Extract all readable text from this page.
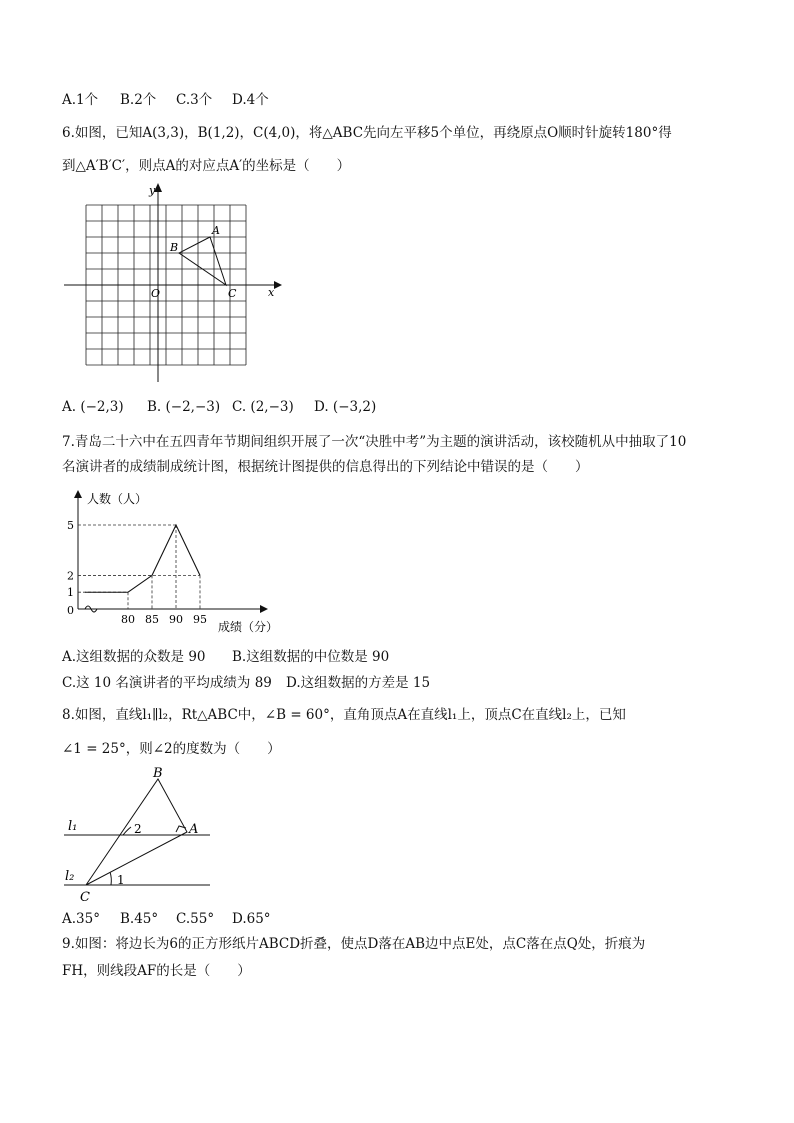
A.1个 B.2个 C.3个 D.4个
6.如图，已知A(3,3)，B(1,2)，C(4,0)，将△ABC先向左平移5个单位，再绕原点O顺时针旋转180°得
到△A′B′C′，则点A的对应点A′的坐标是（　　）
y
x
O
A
B
C
A. (−2,3) B. (−2,−3) C. (2,−3) D. (−3,2)
7.青岛二十六中在五四青年节期间组织开展了一次“决胜中考”为主题的演讲活动，该校随机从中抽取了10
名演讲者的成绩制成统计图，根据统计图提供的信息得出的下列结论中错误的是（　　）
80 85 90 95
0
1
2
5
人数（人）
成绩（分）
A.这组数据的众数是 90 B.这组数据的中位数是 90
C.这 10 名演讲者的平均成绩为 89 D.这组数据的方差是 15
8.如图，直线l₁∥l₂，Rt△ABC中，∠B = 60°，直角顶点A在直线l₁上，顶点C在直线l₂上，已知
∠1 = 25°，则∠2的度数为（　　）
B
A
C
l₁
l₂	1
2
A.35° B.45° C.55° D.65°
9.如图：将边长为6的正方形纸片ABCD折叠，使点D落在AB边中点E处，点C落在点Q处，折痕为
FH，则线段AF的长是（　　）
